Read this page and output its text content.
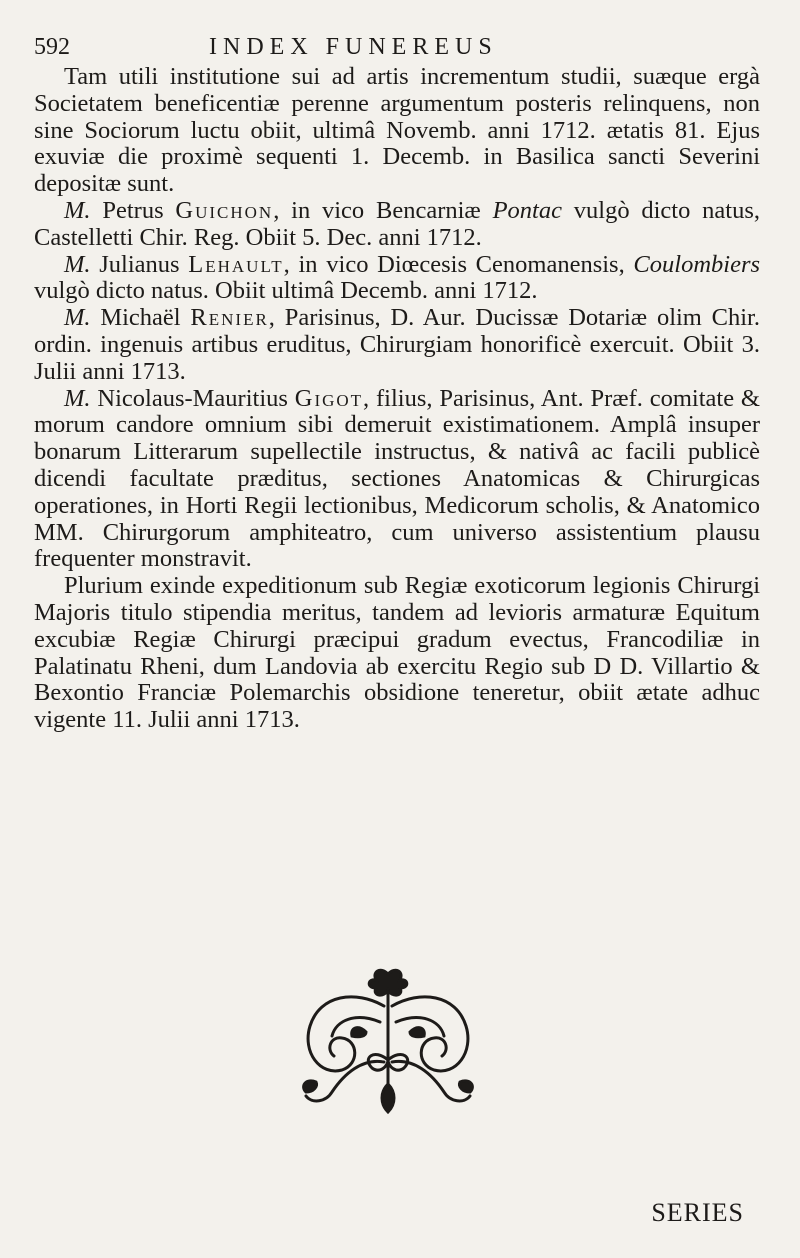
592	INDEX FUNEREUS

Tam utili institutione sui ad artis incrementum studii, suæque ergà Societatem beneficentiæ perenne argumentum posteris relinquens, non sine Sociorum luctu obiit, ultimâ Novemb. anni 1712. ætatis 81. Ejus exuviæ die proximè sequenti 1. Decemb. in Basilica sancti Severini depositæ sunt.

M. Petrus Guichon, in vico Bencarniæ Pontac vulgò dicto natus, Castelletti Chir. Reg. Obiit 5. Dec. anni 1712.

M. Julianus Lehault, in vico Diœcesis Cenomanensis, Coulombiers vulgò dicto natus. Obiit ultimâ Decemb. anni 1712.

M. Michaël Renier, Parisinus, D. Aur. Ducissæ Dotariæ olim Chir. ordin. ingenuis artibus eruditus, Chirurgiam honorificè exercuit. Obiit 3. Julii anni 1713.

M. Nicolaus-Mauritius Gigot, filius, Parisinus, Ant. Præf. comitate & morum candore omnium sibi demeruit existimationem. Amplâ insuper bonarum Litterarum supellectile instructus, & nativâ ac facili publicè dicendi facultate præditus, sectiones Anatomicas & Chirurgicas operationes, in Horti Regii lectionibus, Medicorum scholis, & Anatomico MM. Chirurgorum amphiteatro, cum universo assistentium plausu frequenter monstravit.

Plurium exinde expeditionum sub Regiæ exoticorum legionis Chirurgi Majoris titulo stipendia meritus, tandem ad levioris armaturæ Equitum excubiæ Regiæ Chirurgi præcipui gradum evectus, Francodiliæ in Palatinatu Rheni, dum Landovia ab exercitu Regio sub D D. Villartio & Bexontio Franciæ Polemarchis obsidione teneretur, obiit ætate adhuc vigente 11. Julii anni 1713.

SERIES
